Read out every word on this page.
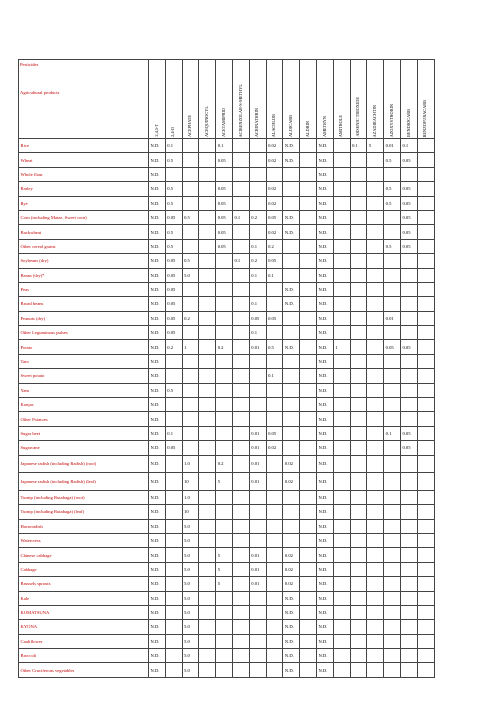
Pesticides
Agricultural products	2,4,5-T	2,4-D	ACEPHATE	ACEQUINOCYL	ACETAMIPRID	ACIBENZOLAR-S-METHYL	ACRINATHRIN	ALACHLOR	ALDICARB	ALDRIN	AMETRYN	AMITROLE	ARSENIC TRIOXIDE	AZADIRACHTIN	AZOXYSTROBIN	BENDIOCARB	BENZOFURACARB
Rice	N.D.	0.1			0.1			0.02	N.D.		N.D.		0.1	5	0.01	0.1	
Wheat	N.D.	0.5			0.05			0.02	N.D.		N.D.				0.5	0.05	
Whole flour	N.D.										N.D.						
Barley	N.D.	0.5			0.05			0.02			N.D.				0.5	0.05	
Rye	N.D.	0.5			0.05			0.02			N.D.				0.5	0.05	
Corn (including Maize, Sweet corn)	N.D.	0.05	0.5		0.05	0.1	0.2	0.05	N.D.		N.D.					0.05	
Buckwheat	N.D.	0.5			0.05			0.02	N.D.		N.D.					0.05	
Other cereal grains	N.D.	0.5			0.05		0.1	0.2			N.D.				0.5	0.05	
Soybeans (dry)	N.D.	0.05	0.5			0.1	0.2	0.05			N.D.						
Beans (dry)*	N.D.	0.05	5.0				0.1	0.1			N.D.						
Peas	N.D.	0.05							N.D.		N.D.						
Broad beans	N.D.	0.05					0.1		N.D.		N.D.						
Peanuts (dry)	N.D.	0.05	0.2				0.05	0.05			N.D.				0.01		
Other Leguminous pulses	N.D.	0.05					0.1				N.D.						
Potato	N.D.	0.2	1		0.2		0.01	0.5	N.D.		N.D.	1			0.05	0.05	
Taro	N.D.										N.D.						
Sweet potato	N.D.							0.1			N.D.						
Yam	N.D.	0.5									N.D.						
Konjac	N.D.										N.D.						
Other Potatoes	N.D.										N.D.						
Sugar beet	N.D.	0.1					0.01	0.05			N.D.				0.1	0.05	
Sugarcane	N.D.	0.05					0.01	0.02			N.D.					0.05	
Japanese radish (including Radish) (root)	N.D.		1.0		0.2		0.01		0.02		N.D.						
Japanese radish (including Radish) (leaf)	N.D.		10		5		0.01		0.02		N.D.						
Turnip (including Rutabaga) (root)	N.D.		1.0								N.D.						
Turnip (including Rutabaga) (leaf)	N.D.		10								N.D.						
Horseradish	N.D.		5.0								N.D.						
Watercress	N.D.		5.0								N.D.						
Chinese cabbage	N.D.		5.0		5		0.01		0.02		N.D.						
Cabbage	N.D.		5.0		5		0.01		0.02		N.D.						
Brussels sprouts	N.D.		5.0		5		0.01		0.02		N.D.						
Kale	N.D.		5.0						N.D.		N.D.						
KOMATSUNA	N.D.		5.0						N.D.		N.D.						
KYONA	N.D.		5.0						N.D.		N.D.						
Cauliflower	N.D.		5.0						N.D.		N.D.						
Broccoli	N.D.		5.0						N.D.		N.D.						
Other Cruciferous vegetables	N.D.		5.0						N.D.		N.D.						
